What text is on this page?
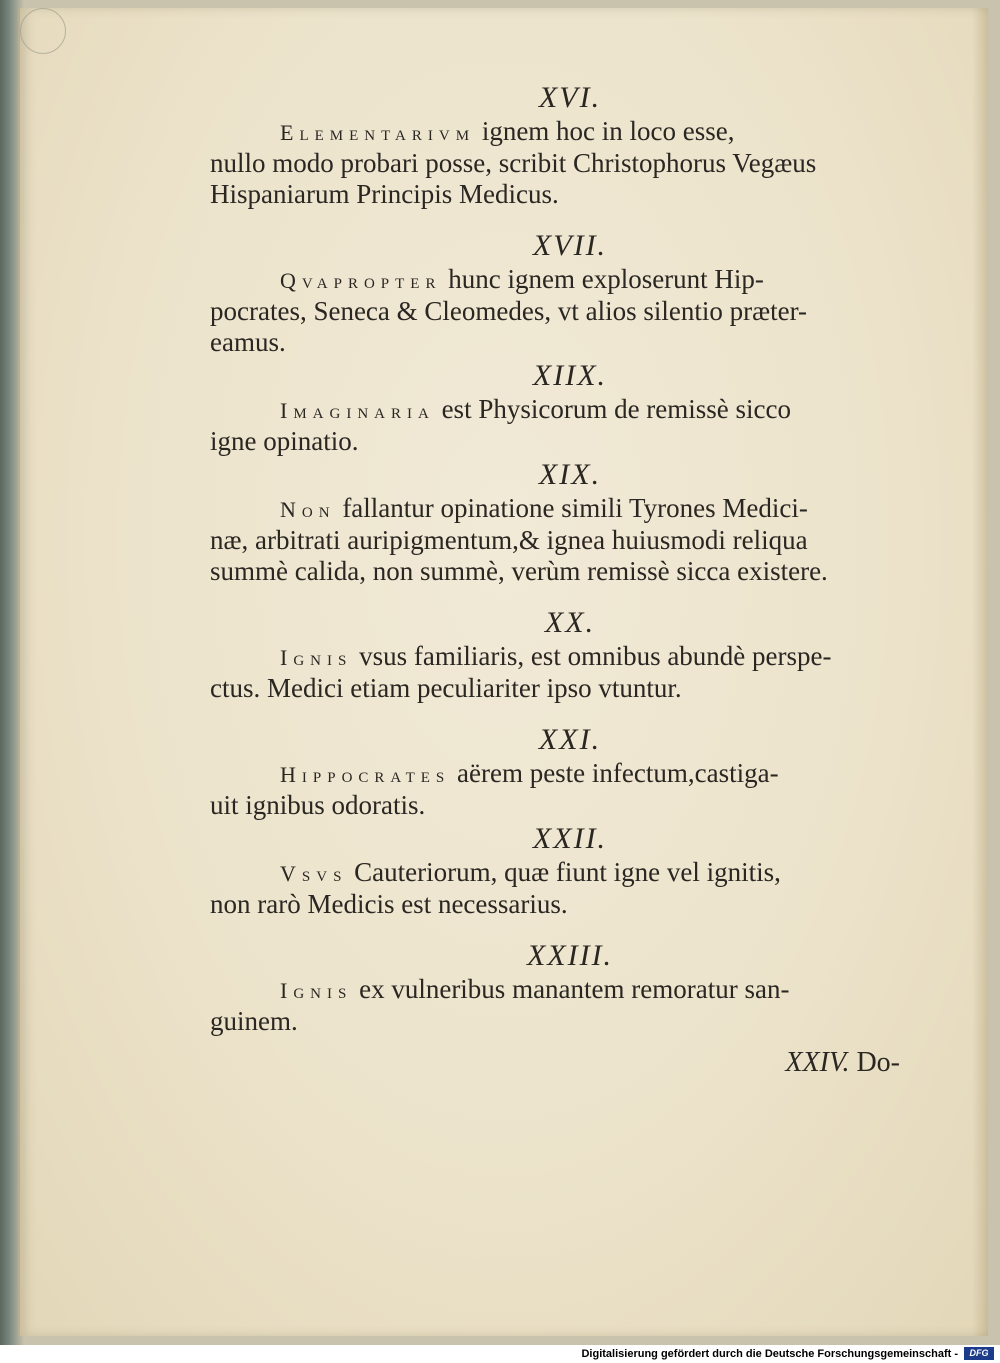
XVI.

Elementarivm ignem hoc in loco esse,
nullo modo probari posse, scribit Christophorus Vegæus
Hispaniarum Principis Medicus.

XVII.

Qvapropter hunc ignem exploserunt Hip-
pocrates, Seneca & Cleomedes, vt alios silentio præter-
eamus.

XIIX.

Imaginaria est Physicorum de remissè sicco
igne opinatio.

XIX.

Non fallantur opinatione simili Tyrones Medici-
næ, arbitrati auripigmentum,& ignea huiusmodi reliqua
summè calida, non summè, verùm remissè sicca existere.

XX.

Ignis vsus familiaris, est omnibus abundè perspe-
ctus. Medici etiam peculiariter ipso vtuntur.

XXI.

Hippocrates aërem peste infectum,castiga-
uit ignibus odoratis.

XXII.

Vsvs Cauteriorum, quæ fiunt igne vel ignitis,
non rarò Medicis est necessarius.

XXIII.

Ignis ex vulneribus manantem remoratur san-
guinem.

XXIV. Do-

Digitalisierung gefördert durch die Deutsche Forschungsgemeinschaft -	DFG
